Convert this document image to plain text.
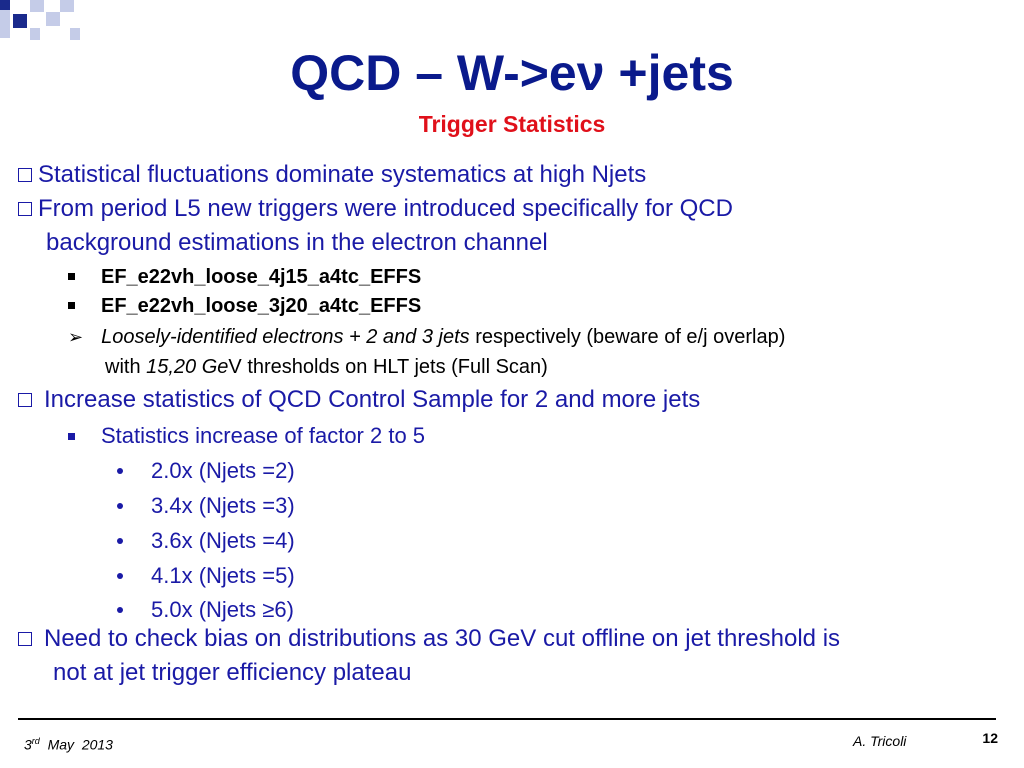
QCD – W->eν +jets
Trigger Statistics
Statistical fluctuations dominate systematics at high Njets
From period L5 new triggers were introduced specifically for QCD
background estimations in the electron channel
EF_e22vh_loose_4j15_a4tc_EFFS
EF_e22vh_loose_3j20_a4tc_EFFS
➢ Loosely-identified electrons + 2 and 3 jets respectively (beware of e/j overlap)
with 15,20 GeV thresholds on HLT jets (Full Scan)
Increase statistics of QCD Control Sample for 2 and more jets
Statistics increase of factor 2 to 5
2.0x (Njets =2)
3.4x (Njets =3)
3.6x (Njets =4)
4.1x (Njets =5)
5.0x (Njets ≥6)
Need to check bias on distributions as 30 GeV cut offline on jet threshold is
not at jet trigger efficiency plateau
3rd  May  2013	A. Tricoli	12
